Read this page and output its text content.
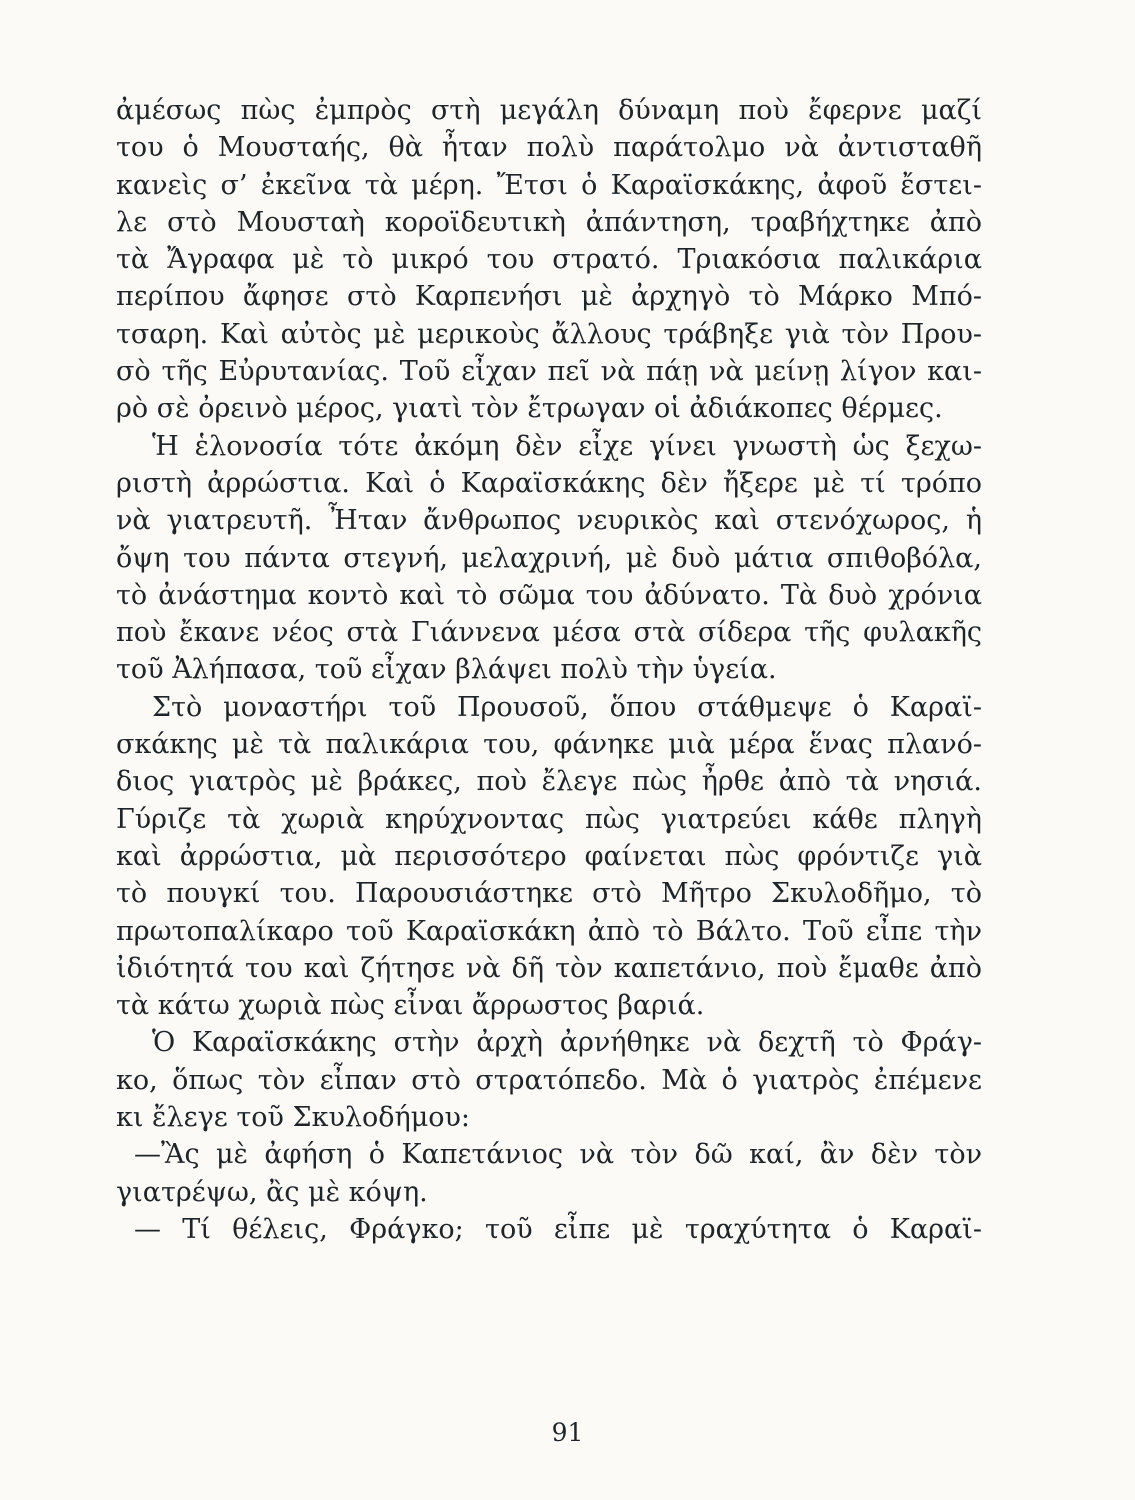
ἀμέσως πὼς ἐμπρὸς στὴ μεγάλη δύναμη ποὺ ἔφερνε μαζί
του ὁ Μουσταής, θὰ ἦταν πολὺ παράτολμο νὰ ἀντισταθῆ
κανεὶς σ’ ἐκεῖνα τὰ μέρη. Ἔτσι ὁ Καραϊσκάκης, ἀφοῦ ἔστει-
λε στὸ Μουσταὴ κοροϊδευτικὴ ἀπάντηση, τραβήχτηκε ἀπὸ
τὰ Ἄγραφα μὲ τὸ μικρό του στρατό. Τριακόσια παλικάρια
περίπου ἄφησε στὸ Καρπενήσι μὲ ἀρχηγὸ τὸ Μάρκο Μπό-
τσαρη. Καὶ αὐτὸς μὲ μερικοὺς ἄλλους τράβηξε γιὰ τὸν Πρου-
σὸ τῆς Εὐρυτανίας. Τοῦ εἶχαν πεῖ νὰ πάῃ νὰ μείνῃ λίγον και-
ρὸ σὲ ὀρεινὸ μέρος, γιατὶ τὸν ἔτρωγαν οἱ ἀδιάκοπες θέρμες.
Ἡ ἑλονοσία τότε ἀκόμη δὲν εἶχε γίνει γνωστὴ ὡς ξεχω-
ριστὴ ἀρρώστια. Καὶ ὁ Καραϊσκάκης δὲν ἤξερε μὲ τί τρόπο
νὰ γιατρευτῆ. Ἦταν ἄνθρωπος νευρικὸς καὶ στενόχωρος, ἡ
ὄψη του πάντα στεγνή, μελαχρινή, μὲ δυὸ μάτια σπιθοβόλα,
τὸ ἀνάστημα κοντὸ καὶ τὸ σῶμα του ἀδύνατο. Τὰ δυὸ χρόνια
ποὺ ἔκανε νέος στὰ Γιάννενα μέσα στὰ σίδερα τῆς φυλακῆς
τοῦ Ἀλήπασα, τοῦ εἶχαν βλάψει πολὺ τὴν ὑγεία.
Στὸ μοναστήρι τοῦ Προυσοῦ, ὅπου στάθμεψε ὁ Καραϊ-
σκάκης μὲ τὰ παλικάρια του, φάνηκε μιὰ μέρα ἕνας πλανό-
διος γιατρὸς μὲ βράκες, ποὺ ἔλεγε πὼς ἦρθε ἀπὸ τὰ νησιά.
Γύριζε τὰ χωριὰ κηρύχνοντας πὼς γιατρεύει κάθε πληγὴ
καὶ ἀρρώστια, μὰ περισσότερο φαίνεται πὼς φρόντιζε γιὰ
τὸ πουγκί του. Παρουσιάστηκε στὸ Μῆτρο Σκυλοδῆμο, τὸ
πρωτοπαλίκαρο τοῦ Καραϊσκάκη ἀπὸ τὸ Βάλτο. Τοῦ εἶπε τὴν
ἰδιότητά του καὶ ζήτησε νὰ δῆ τὸν καπετάνιο, ποὺ ἔμαθε ἀπὸ
τὰ κάτω χωριὰ πὼς εἶναι ἄρρωστος βαριά.
Ὁ Καραϊσκάκης στὴν ἀρχὴ ἀρνήθηκε νὰ δεχτῆ τὸ Φράγ-
κο, ὅπως τὸν εἶπαν στὸ στρατόπεδο. Μὰ ὁ γιατρὸς ἐπέμενε
κι ἔλεγε τοῦ Σκυλοδήμου:
—Ἂς μὲ ἀφήση ὁ Καπετάνιος νὰ τὸν δῶ καί, ἂν δὲν τὸν
γιατρέψω, ἂς μὲ κόψη.
— Τί θέλεις, Φράγκο; τοῦ εἶπε μὲ τραχύτητα ὁ Καραϊ-
91
